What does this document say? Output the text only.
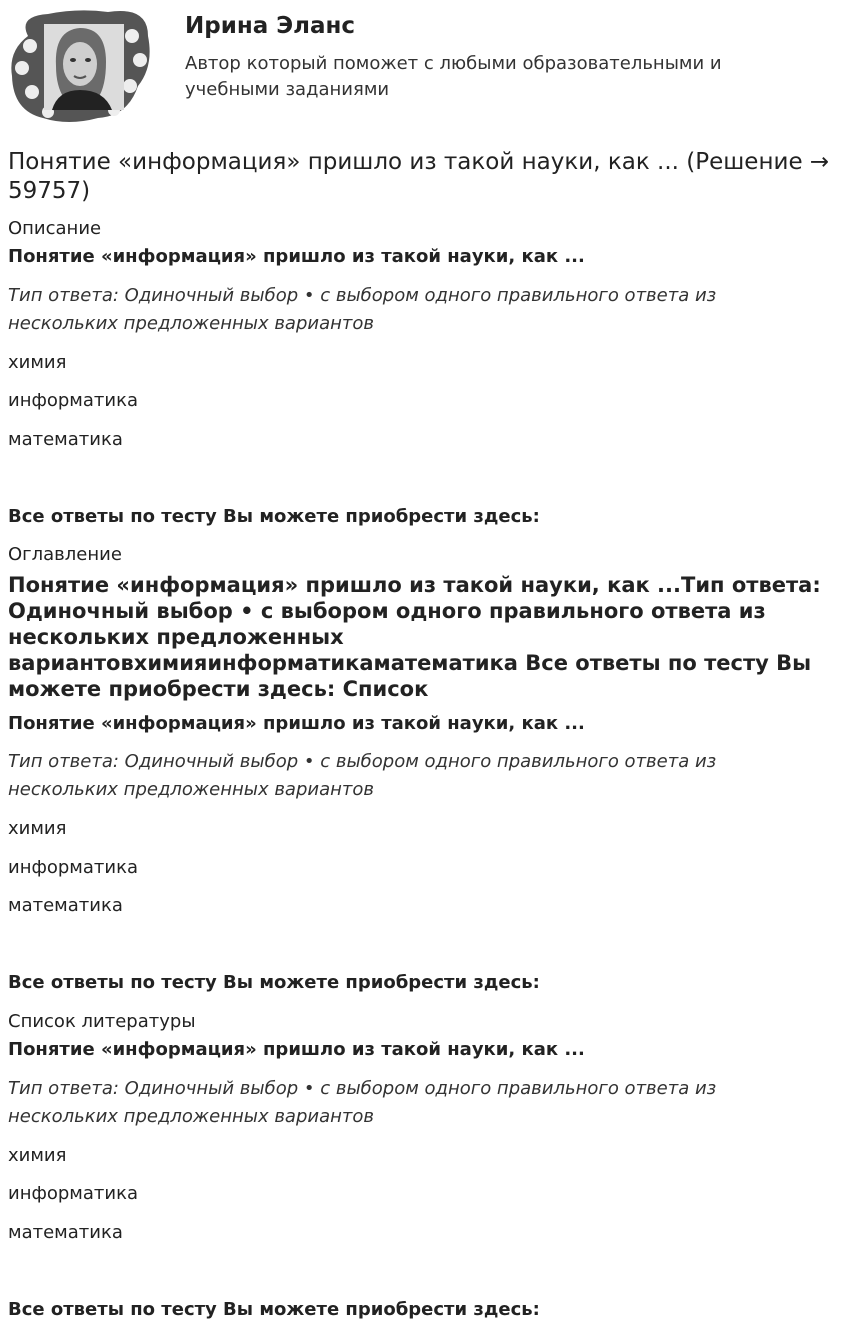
Ирина Эланс
Автор который поможет с любыми образовательными и учебными заданиями
Понятие «информация» пришло из такой науки, как ... (Решение → 59757)
Описание
Понятие «информация» пришло из такой науки, как ...
Тип ответа: Одиночный выбор • с выбором одного правильного ответа из нескольких предложенных вариантов
химия
информатика
математика
Все ответы по тесту Вы можете приобрести здесь:
Оглавление
Понятие «информация» пришло из такой науки, как ...Тип ответа: Одиночный выбор • с выбором одного правильного ответа из нескольких предложенных вариантовхимияинформатикаматематика Все ответы по тесту Вы можете приобрести здесь: Список
Понятие «информация» пришло из такой науки, как ...
Тип ответа: Одиночный выбор • с выбором одного правильного ответа из нескольких предложенных вариантов
химия
информатика
математика
Все ответы по тесту Вы можете приобрести здесь:
Список литературы
Понятие «информация» пришло из такой науки, как ...
Тип ответа: Одиночный выбор • с выбором одного правильного ответа из нескольких предложенных вариантов
химия
информатика
математика
Все ответы по тесту Вы можете приобрести здесь:
